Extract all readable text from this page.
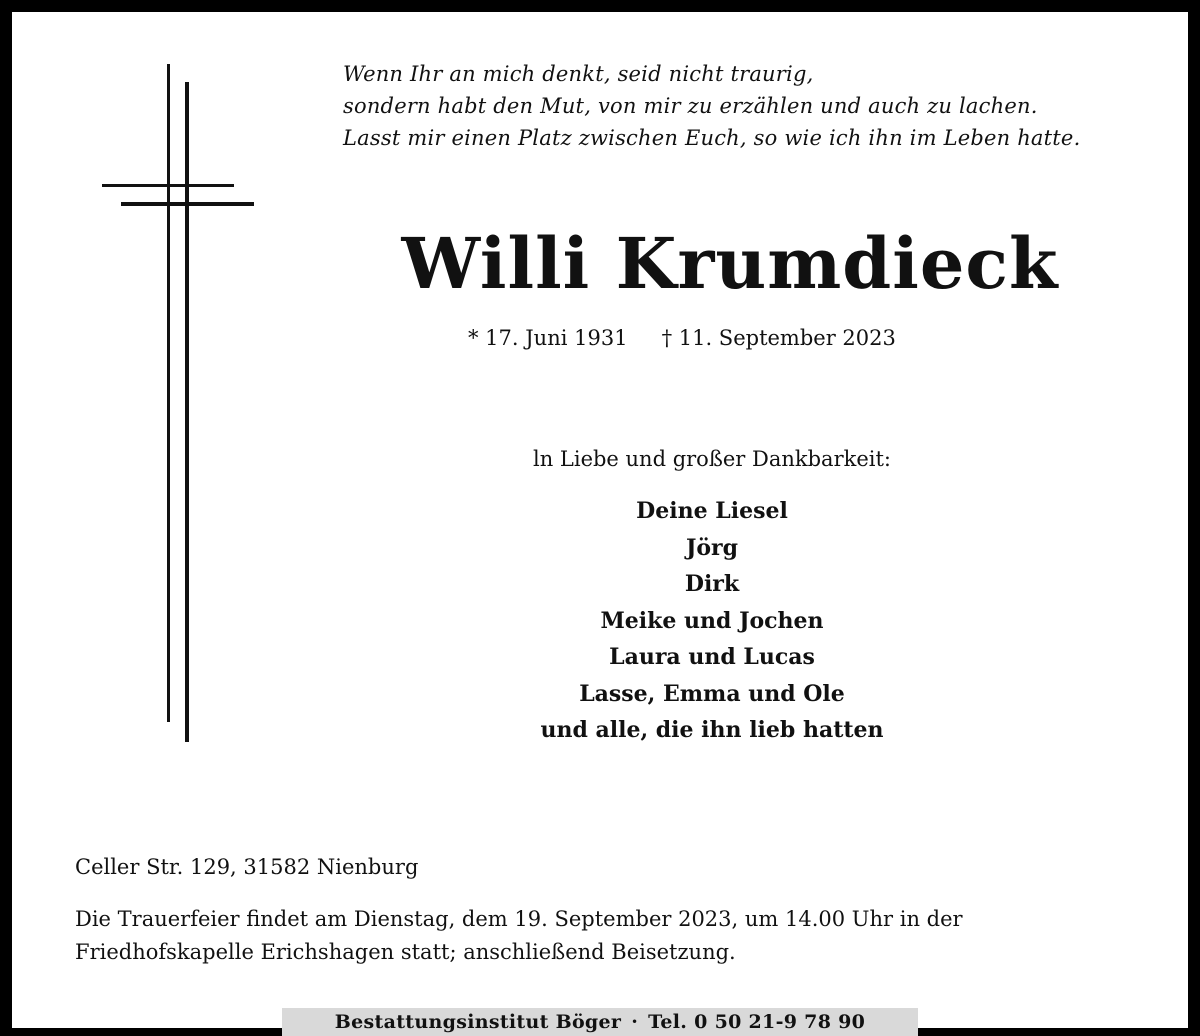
Wenn Ihr an mich denkt, seid nicht traurig,
sondern habt den Mut, von mir zu erzählen und auch zu lachen.
Lasst mir einen Platz zwischen Euch, so wie ich ihn im Leben hatte.
Willi Krumdieck
* 17. Juni 1931 † 11. September 2023
ln Liebe und großer Dankbarkeit:
Deine Liesel
Jörg
Dirk
Meike und Jochen
Laura und Lucas
Lasse, Emma und Ole
und alle, die ihn lieb hatten
Celler Str. 129, 31582 Nienburg
Die Trauerfeier findet am Dienstag, dem 19. September 2023, um 14.00 Uhr in der
Friedhofskapelle Erichshagen statt; anschließend Beisetzung.
Bestattungsinstitut Böger · Tel. 0 50 21-9 78 90
